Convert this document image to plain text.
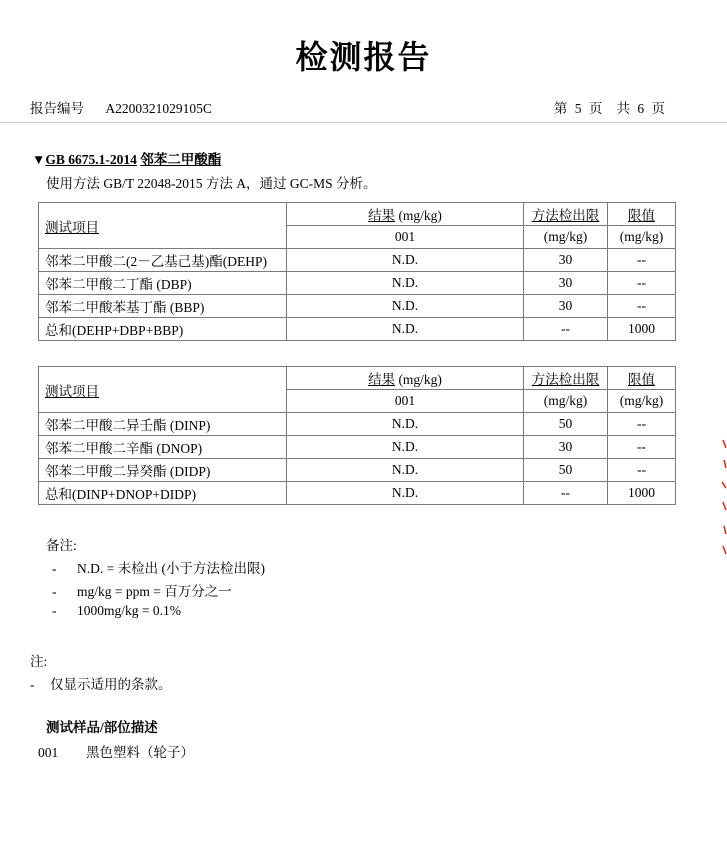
检测报告
报告编号 A2200321029105C	第 5 页 共 6 页
▼GB 6675.1-2014 邻苯二甲酸酯
使用方法 GB/T 22048-2015 方法 A，通过 GC-MS 分析。
测试项目	结果 (mg/kg)	方法检出限	限值
	001	(mg/kg)	(mg/kg)
邻苯二甲酸二(2－乙基己基)酯(DEHP)	N.D.	30	--
邻苯二甲酸二丁酯 (DBP)	N.D.	30	--
邻苯二甲酸苯基丁酯 (BBP)	N.D.	30	--
总和(DEHP+DBP+BBP)	N.D.	--	1000
测试项目	结果 (mg/kg)	方法检出限	限值
	001	(mg/kg)	(mg/kg)
邻苯二甲酸二异壬酯 (DINP)	N.D.	50	--
邻苯二甲酸二辛酯 (DNOP)	N.D.	30	--
邻苯二甲酸二异癸酯 (DIDP)	N.D.	50	--
总和(DINP+DNOP+DIDP)	N.D.	--	1000
备注:
- N.D. = 未检出 (小于方法检出限)
- mg/kg = ppm = 百万分之一
- 1000mg/kg = 0.1%
注:
- 仅显示适用的条款。
测试样品/部位描述
001 黑色塑料（轮子）
